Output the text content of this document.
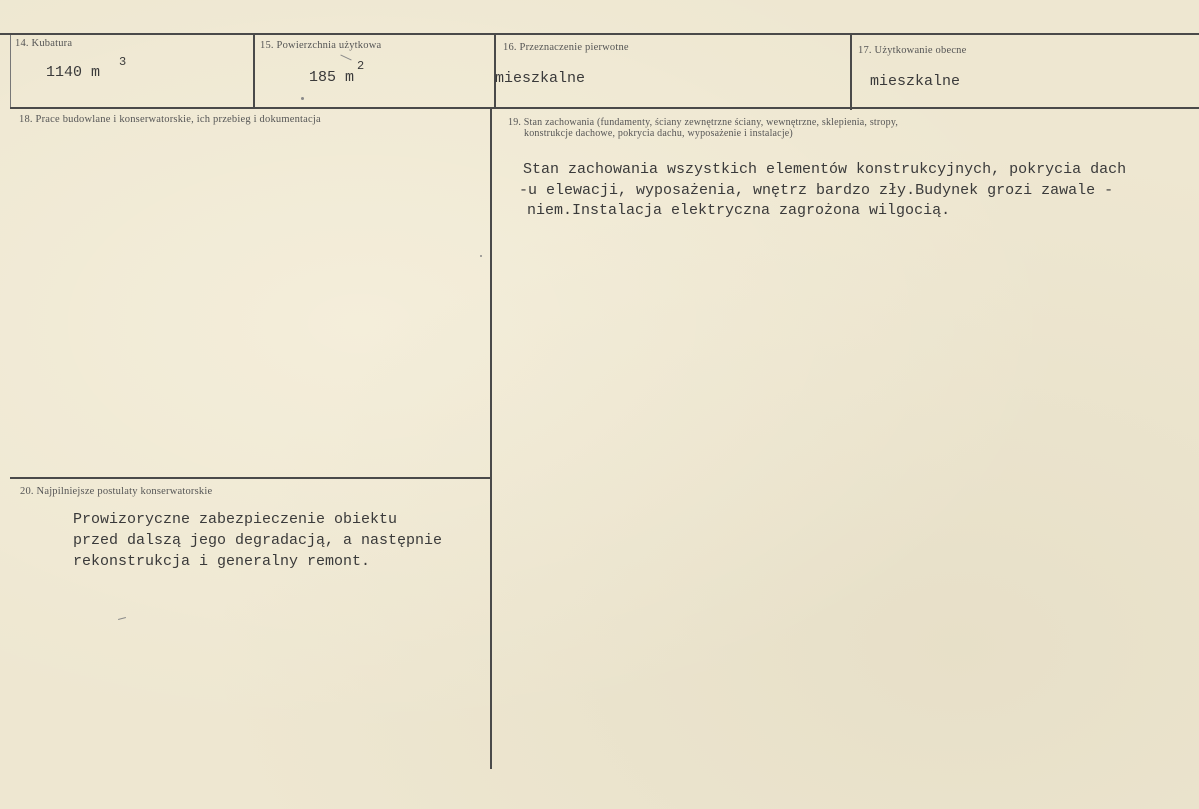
14. Kubatura
1140 m
3
15. Powierzchnia użytkowa
185 m
2
16. Przeznaczenie pierwotne
mieszkalne
17. Użytkowanie obecne
mieszkalne
18. Prace budowlane i konserwatorskie, ich przebieg i dokumentacja	19. Stan zachowania (fundamenty, ściany zewnętrzne ściany, wewnętrzne, sklepienia, stropy,
konstrukcje dachowe, pokrycia dachu, wyposażenie i instalacje)
Stan zachowania wszystkich elementów konstrukcyjnych, pokrycia dach
-u elewacji, wyposażenia, wnętrz bardzo zły.Budynek grozi zawale -
niem.Instalacja elektryczna zagrożona wilgocią.
20. Najpilniejsze postulaty konserwatorskie
Prowizoryczne zabezpieczenie obiektu
przed dalszą jego degradacją, a następnie
rekonstrukcja i generalny remont.
